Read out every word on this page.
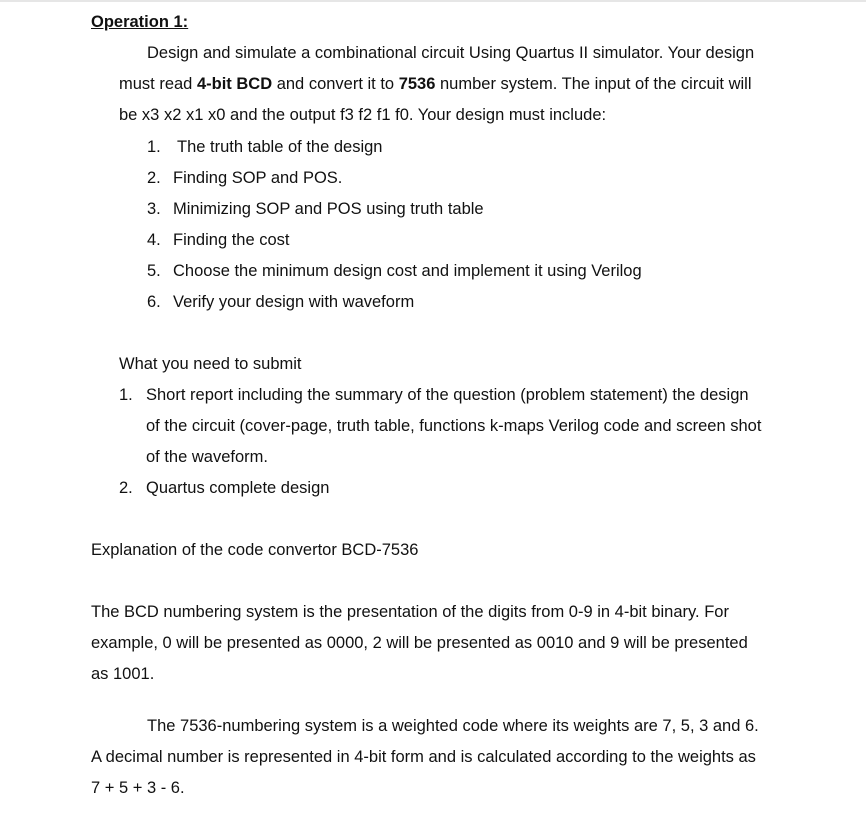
Operation 1:
Design and simulate a combinational circuit Using Quartus II simulator. Your design
must read 4-bit BCD and convert it to 7536 number system. The input of the circuit will
be x3 x2 x1 x0 and the output f3 f2 f1 f0. Your design must include:
1. The truth table of the design
2. Finding SOP and POS.
3. Minimizing SOP and POS using truth table
4. Finding the cost
5. Choose the minimum design cost and implement it using Verilog
6. Verify your design with waveform
What you need to submit
1. Short report including the summary of the question (problem statement) the design
of the circuit (cover-page, truth table, functions k-maps Verilog code and screen shot
of the waveform.
2. Quartus complete design
Explanation of the code convertor BCD-7536
The BCD numbering system is the presentation of the digits from 0-9 in 4-bit binary. For
example, 0 will be presented as 0000, 2 will be presented as 0010 and 9 will be presented
as 1001.
The 7536-numbering system is a weighted code where its weights are 7, 5, 3 and 6.
A decimal number is represented in 4-bit form and is calculated according to the weights as
7 + 5 + 3 - 6.
